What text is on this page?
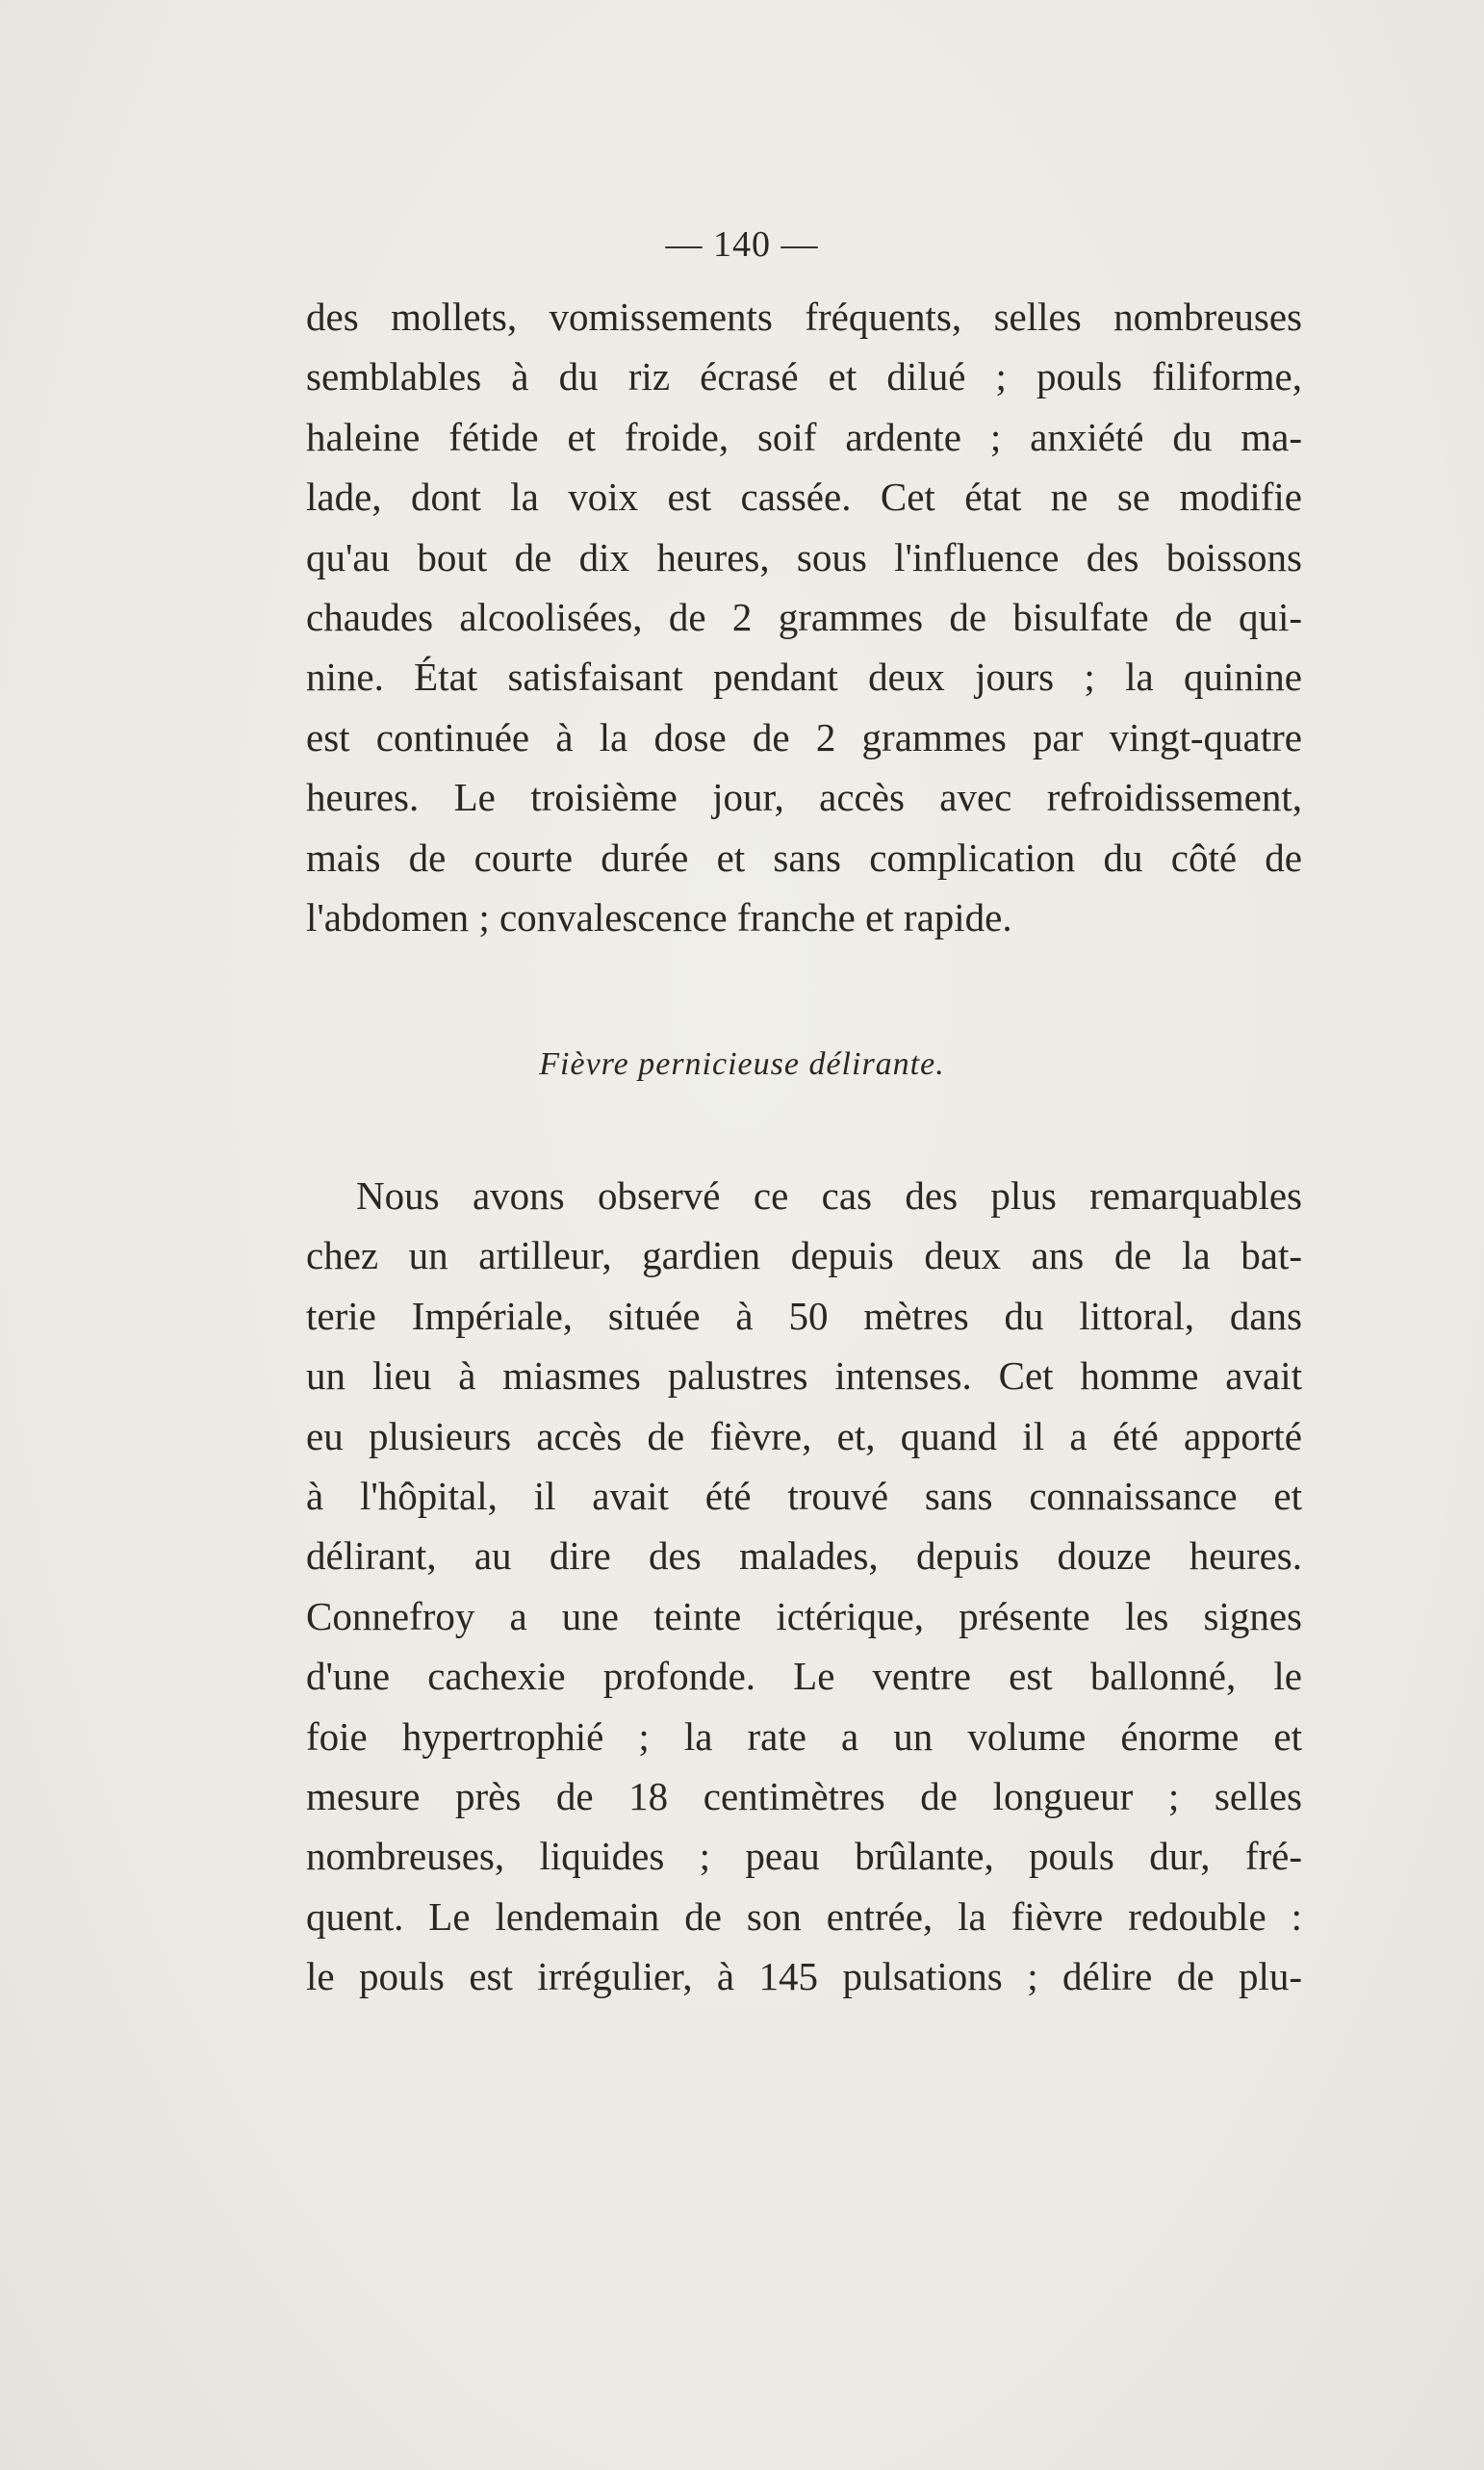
— 140 —
des mollets, vomissements fréquents, selles nombreuses
semblables à du riz écrasé et dilué ; pouls filiforme,
haleine fétide et froide, soif ardente ; anxiété du ma-
lade, dont la voix est cassée. Cet état ne se modifie
qu'au bout de dix heures, sous l'influence des boissons
chaudes alcoolisées, de 2 grammes de bisulfate de qui-
nine. État satisfaisant pendant deux jours ; la quinine
est continuée à la dose de 2 grammes par vingt-quatre
heures. Le troisième jour, accès avec refroidissement,
mais de courte durée et sans complication du côté de
l'abdomen ; convalescence franche et rapide.
Fièvre pernicieuse délirante.
Nous avons observé ce cas des plus remarquables
chez un artilleur, gardien depuis deux ans de la bat-
terie Impériale, située à 50 mètres du littoral, dans
un lieu à miasmes palustres intenses. Cet homme avait
eu plusieurs accès de fièvre, et, quand il a été apporté
à l'hôpital, il avait été trouvé sans connaissance et
délirant, au dire des malades, depuis douze heures.
Connefroy a une teinte ictérique, présente les signes
d'une cachexie profonde. Le ventre est ballonné, le
foie hypertrophié ; la rate a un volume énorme et
mesure près de 18 centimètres de longueur ; selles
nombreuses, liquides ; peau brûlante, pouls dur, fré-
quent. Le lendemain de son entrée, la fièvre redouble :
le pouls est irrégulier, à 145 pulsations ; délire de plu-
